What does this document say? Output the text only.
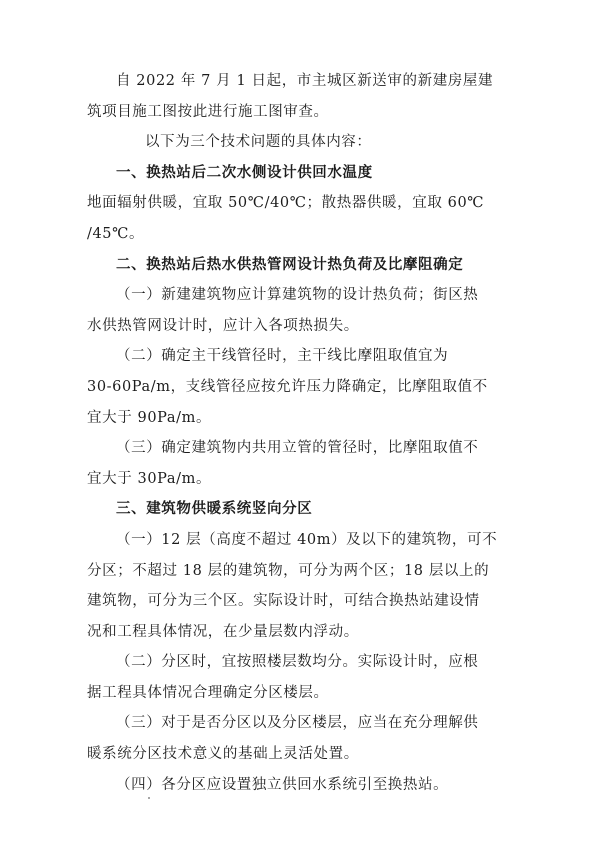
自 2022 年 7 月 1 日起，市主城区新送审的新建房屋建
筑项目施工图按此进行施工图审查。

以下为三个技术问题的具体内容：

一、换热站后二次水侧设计供回水温度

地面辐射供暖，宜取 50℃/40℃；散热器供暖，宜取 60℃
/45℃。

二、换热站后热水供热管网设计热负荷及比摩阻确定

（一）新建建筑物应计算建筑物的设计热负荷；街区热
水供热管网设计时，应计入各项热损失。

（二）确定主干线管径时，主干线比摩阻取值宜为
30-60Pa/m，支线管径应按允许压力降确定，比摩阻取值不
宜大于 90Pa/m。

（三）确定建筑物内共用立管的管径时，比摩阻取值不
宜大于 30Pa/m。

三、建筑物供暖系统竖向分区

（一）12 层（高度不超过 40m）及以下的建筑物，可不
分区；不超过 18 层的建筑物，可分为两个区；18 层以上的
建筑物，可分为三个区。实际设计时，可结合换热站建设情
况和工程具体情况，在少量层数内浮动。

（二）分区时，宜按照楼层数均分。实际设计时，应根
据工程具体情况合理确定分区楼层。

（三）对于是否分区以及分区楼层，应当在充分理解供
暖系统分区技术意义的基础上灵活处置。

（四）各分区应设置独立供回水系统引至换热站。
